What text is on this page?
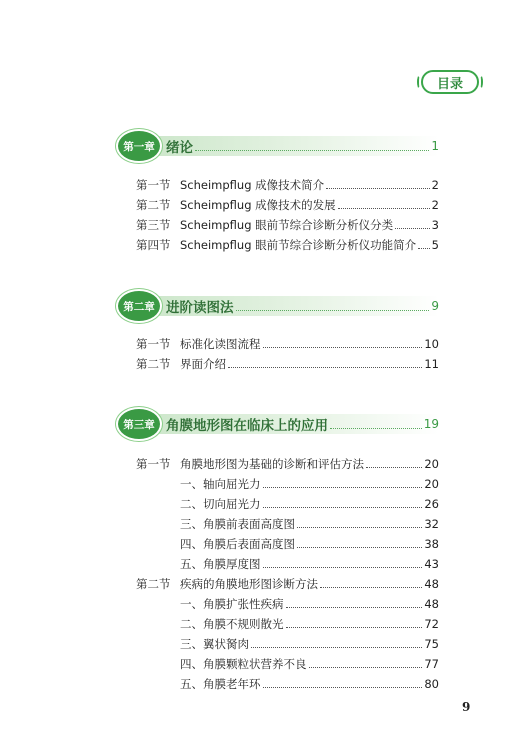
目录
第一章 绪论	1
第一节 Scheimpflug 成像技术简介	2
第二节 Scheimpflug 成像技术的发展	2
第三节 Scheimpflug 眼前节综合诊断分析仪分类	3
第四节 Scheimpflug 眼前节综合诊断分析仪功能简介 5
第二章 进阶读图法	9
第一节 标准化读图流程	10
第二节 界面介绍	11
第三章 角膜地形图在临床上的应用	19
第一节 角膜地形图为基础的诊断和评估方法	20
一、轴向屈光力	20
二、切向屈光力	26
三、角膜前表面高度图	32
四、角膜后表面高度图	38
五、角膜厚度图	43
第二节 疾病的角膜地形图诊断方法	48
一、角膜扩张性疾病	48
二、角膜不规则散光	72
三、翼状胬肉	75
四、角膜颗粒状营养不良	77
五、角膜老年环	80
9
